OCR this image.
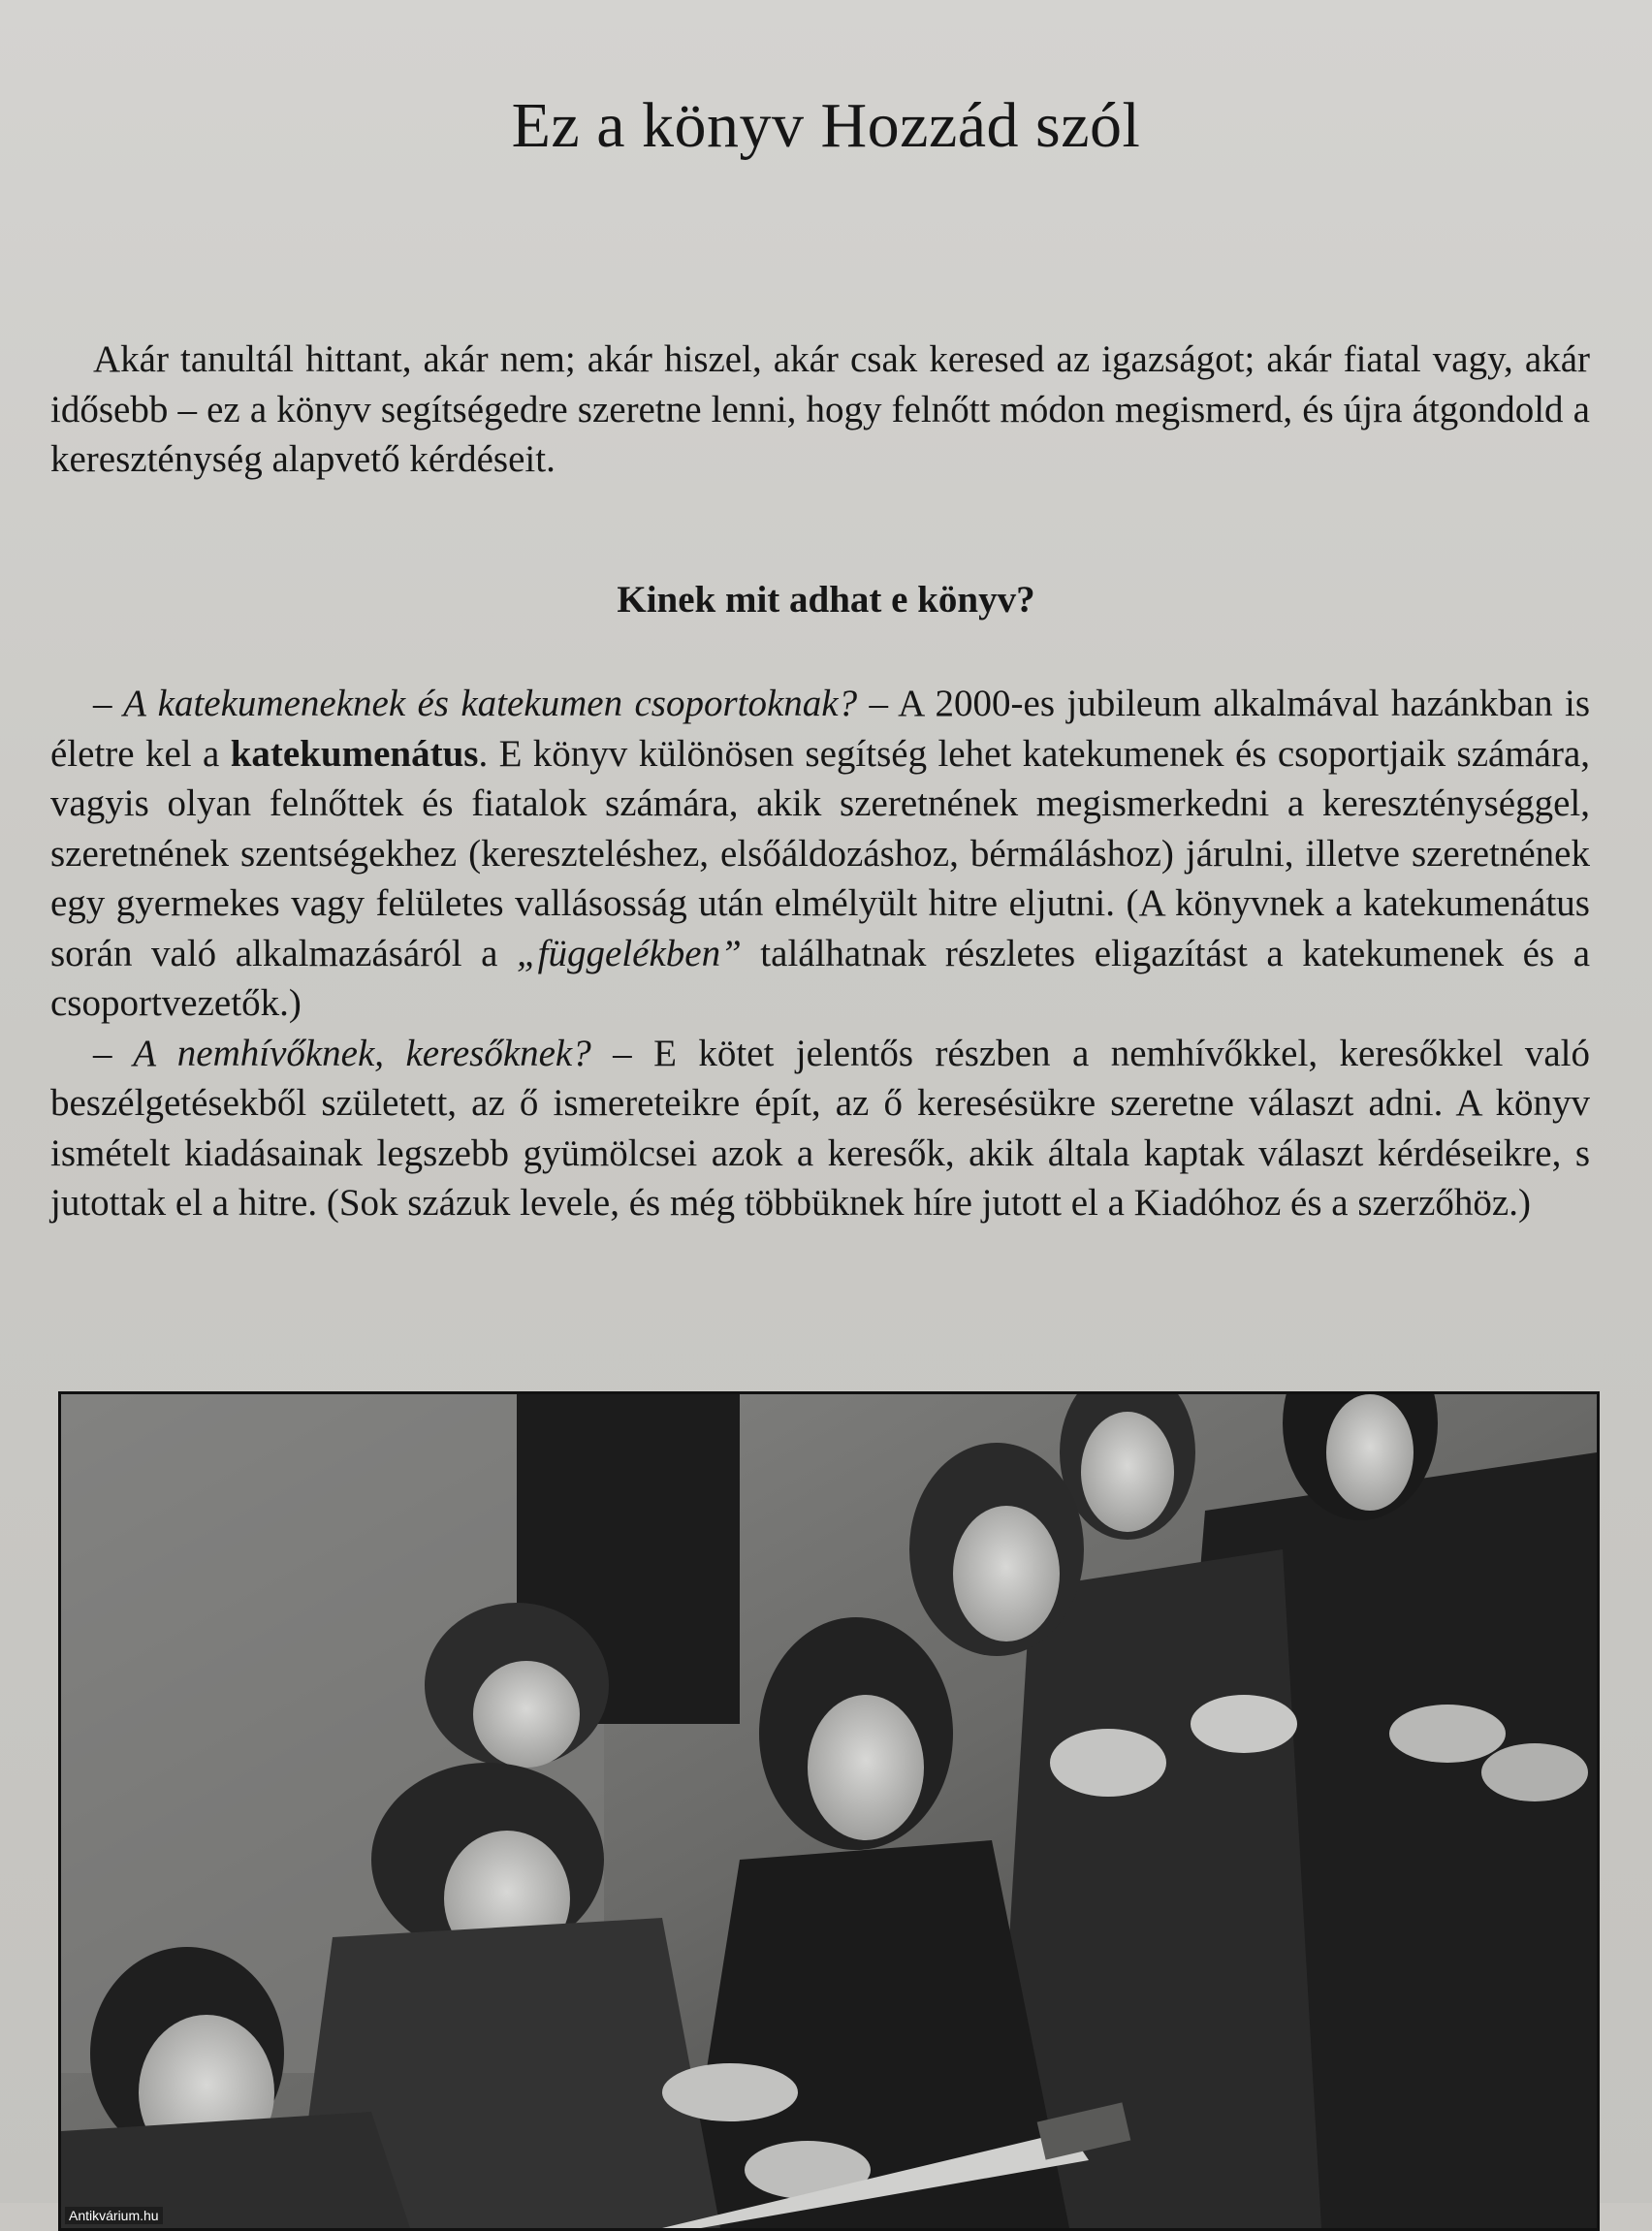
Ez a könyv Hozzád szól

Akár tanultál hittant, akár nem; akár hiszel, akár csak keresed az igazságot; akár fiatal vagy, akár idősebb – ez a könyv segítségedre szeretne lenni, hogy felnőtt módon megismerd, és újra átgondold a kereszténység alapvető kérdéseit.

Kinek mit adhat e könyv?

– A katekumeneknek és katekumen csoportoknak? – A 2000-es jubileum alkalmával hazánkban is életre kel a katekumenátus. E könyv különösen segítség lehet katekumenek és csoportjaik számára, vagyis olyan felnőttek és fiatalok számára, akik szeretnének megismerkedni a kereszténységgel, szeretnének szentségekhez (kereszteléshez, elsőáldozáshoz, bérmáláshoz) járulni, illetve szeretnének egy gyermekes vagy felületes vallásosság után elmélyült hitre eljutni. (A könyvnek a katekumenátus során való alkalmazásáról a „függelékben” találhatnak részletes eligazítást a katekumenek és a csoportvezetők.)

– A nemhívőknek, keresőknek? – E kötet jelentős részben a nemhívőkkel, keresőkkel való beszélgetésekből született, az ő ismereteikre épít, az ő keresésükre szeretne választ adni. A könyv ismételt kiadásainak legszebb gyümölcsei azok a keresők, akik általa kaptak választ kérdéseikre, s jutottak el a hitre. (Sok százuk levele, és még többüknek híre jutott el a Kiadóhoz és a szerzőhöz.)

Antikvárium.hu
